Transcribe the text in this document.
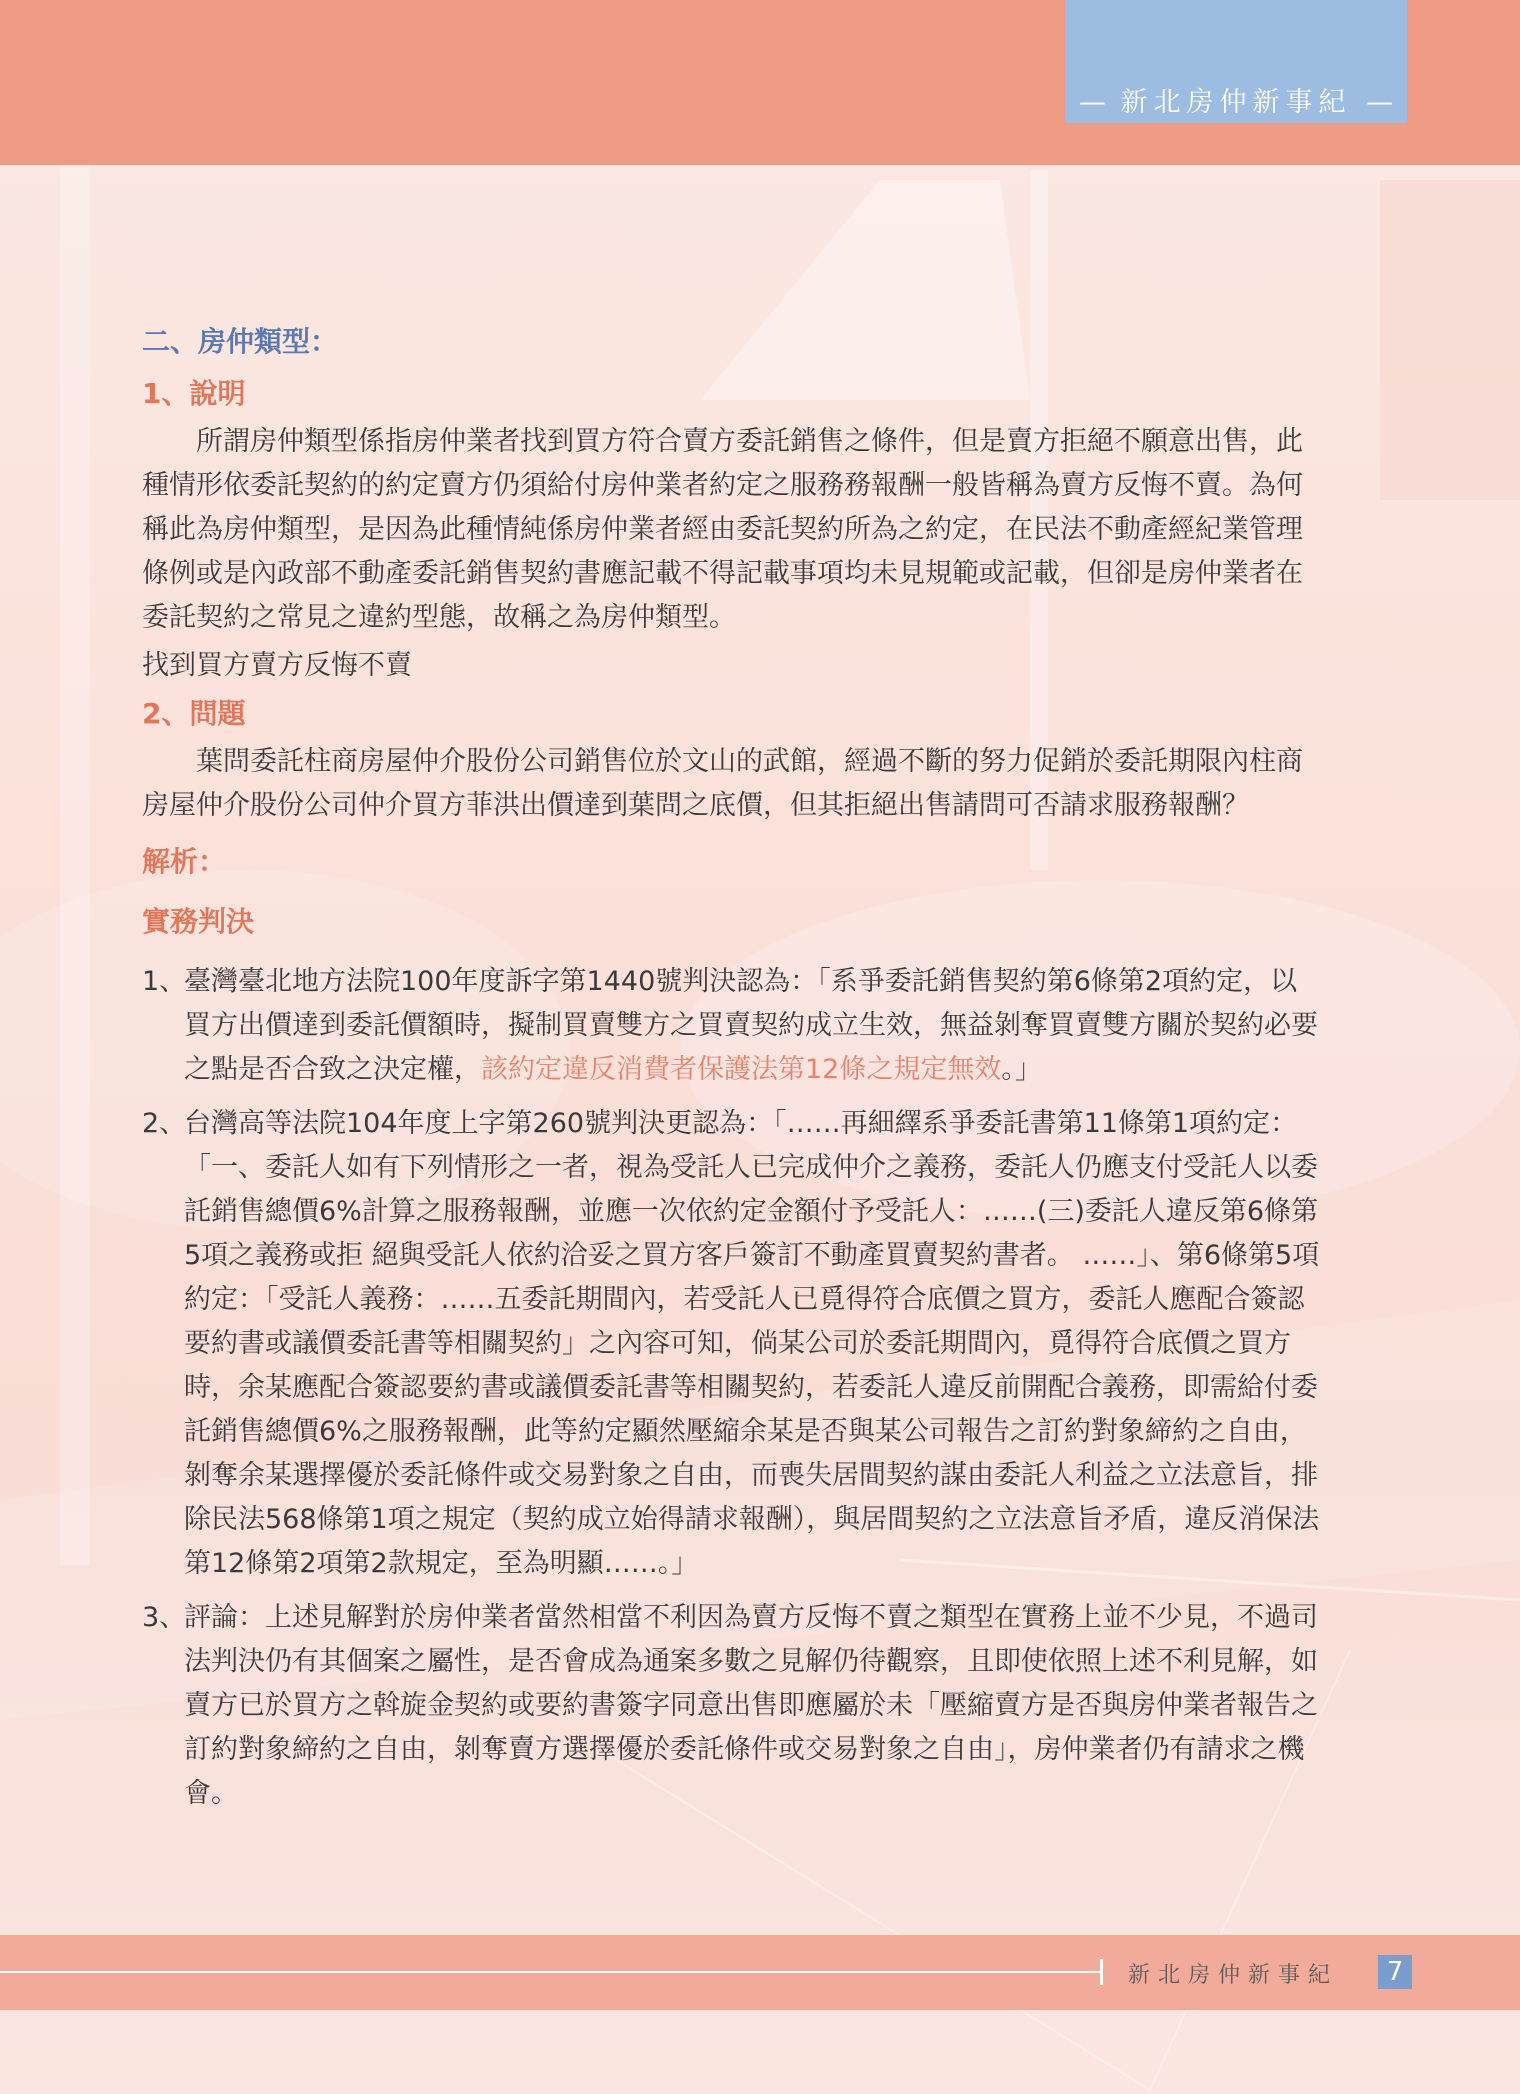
— 新北房仲新事紀 —
二、房仲類型：
1、說明

所謂房仲類型係指房仲業者找到買方符合賣方委託銷售之條件，但是賣方拒絕不願意出售，此種情形依委託契約的約定賣方仍須給付房仲業者約定之服務務報酬一般皆稱為賣方反悔不賣。為何稱此為房仲類型，是因為此種情純係房仲業者經由委託契約所為之約定，在民法不動產經紀業管理條例或是內政部不動產委託銷售契約書應記載不得記載事項均未見規範或記載，但卻是房仲業者在委託契約之常見之違約型態，故稱之為房仲類型。

找到買方賣方反悔不賣
2、問題

葉問委託柱商房屋仲介股份公司銷售位於文山的武館，經過不斷的努力促銷於委託期限內柱商房屋仲介股份公司仲介買方菲洪出價達到葉問之底價，但其拒絕出售請問可否請求服務報酬？

解析：
實務判決
1、
臺灣臺北地方法院100年度訴字第1440號判決認為：「系爭委託銷售契約第6條第2項約定，以買方出價達到委託價額時，擬制買賣雙方之買賣契約成立生效，無益剝奪買賣雙方關於契約必要之點是否合致之決定權，該約定違反消費者保護法第12條之規定無效。」
2、
台灣高等法院104年度上字第260號判決更認為：「……再細繹系爭委託書第11條第1項約定：「一、委託人如有下列情形之一者，視為受託人已完成仲介之義務，委託人仍應支付受託人以委託銷售總價6%計算之服務報酬，並應一次依約定金額付予受託人：……(三)委託人違反第6條第5項之義務或拒 絕與受託人依約洽妥之買方客戶簽訂不動產買賣契約書者。 ……」、第6條第5項約定：「受託人義務：……五委託期間內，若受託人已覓得符合底價之買方，委託人應配合簽認要約書或議價委託書等相關契約」之內容可知，倘某公司於委託期間內，覓得符合底價之買方時，余某應配合簽認要約書或議價委託書等相關契約，若委託人違反前開配合義務，即需給付委託銷售總價6%之服務報酬，此等約定顯然壓縮余某是否與某公司報告之訂約對象締約之自由，剝奪余某選擇優於委託條件或交易對象之自由，而喪失居間契約謀由委託人利益之立法意旨，排除民法568條第1項之規定（契約成立始得請求報酬），與居間契約之立法意旨矛盾，違反消保法第12條第2項第2款規定，至為明顯……。」
3、
評論：上述見解對於房仲業者當然相當不利因為賣方反悔不賣之類型在實務上並不少見，不過司法判決仍有其個案之屬性，是否會成為通案多數之見解仍待觀察，且即使依照上述不利見解，如賣方已於買方之斡旋金契約或要約書簽字同意出售即應屬於未「壓縮賣方是否與房仲業者報告之訂約對象締約之自由，剝奪賣方選擇優於委託條件或交易對象之自由」，房仲業者仍有請求之機會。
新北房仲新事紀	7
